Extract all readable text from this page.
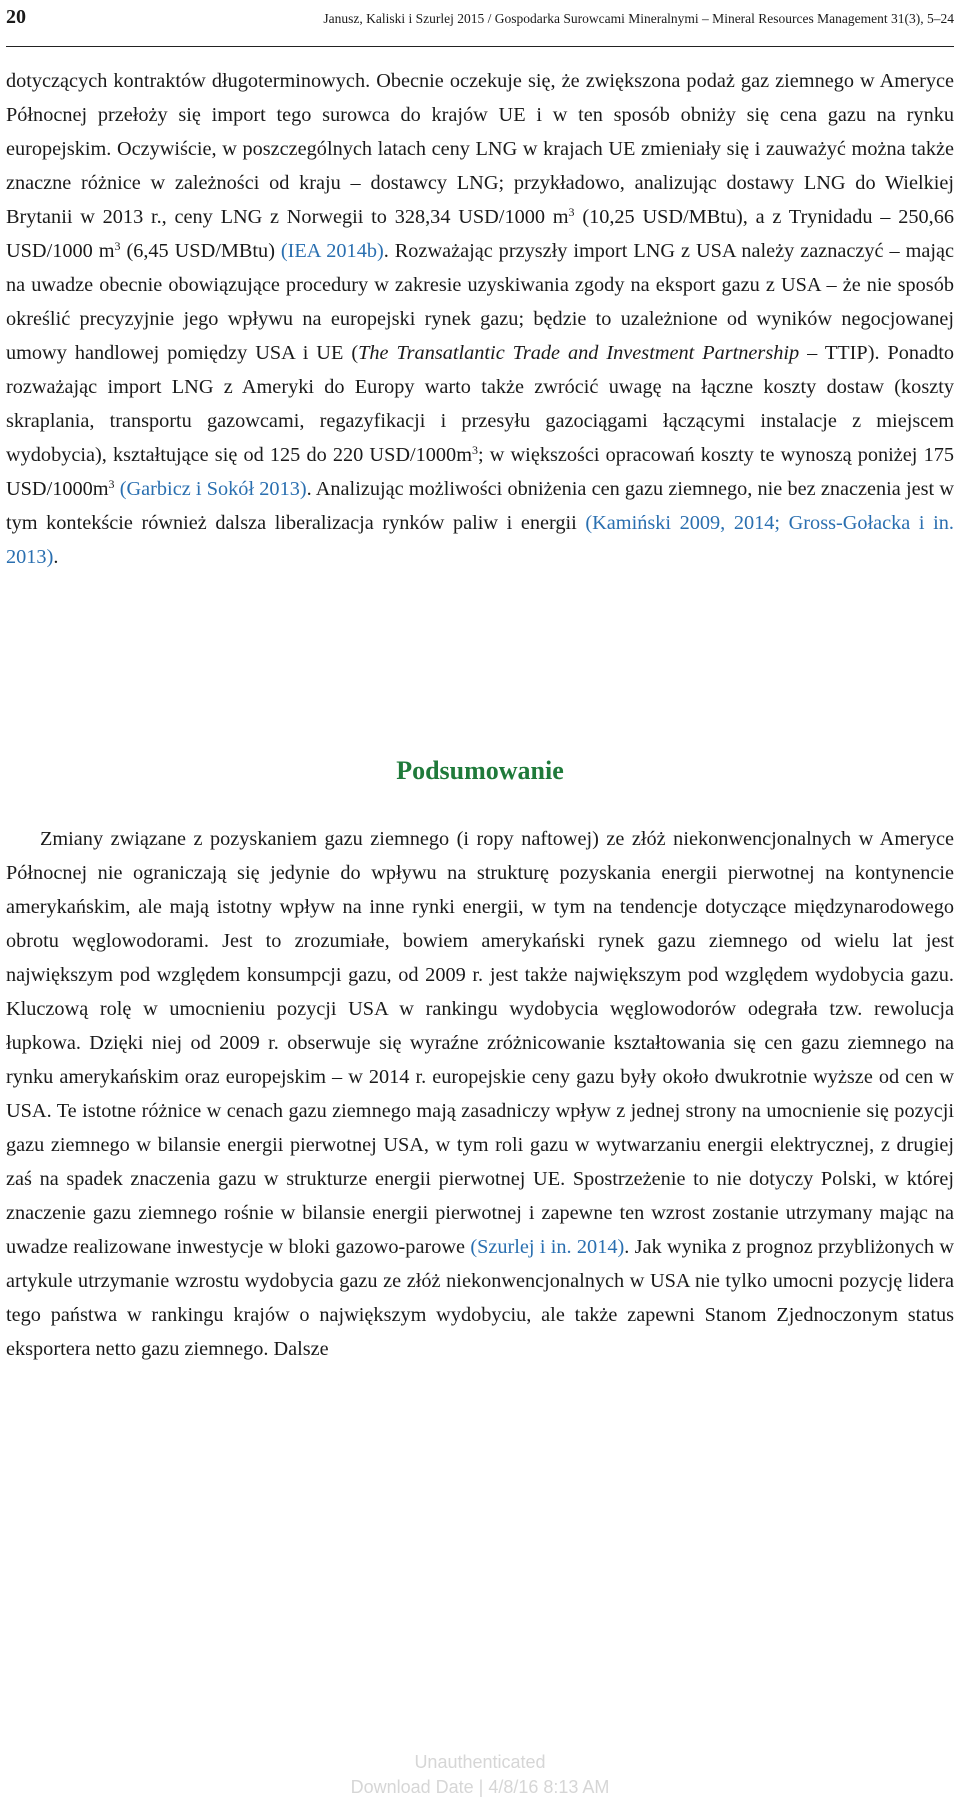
20	Janusz, Kaliski i Szurlej 2015 / Gospodarka Surowcami Mineralnymi – Mineral Resources Management 31(3), 5–24
dotyczących kontraktów długoterminowych. Obecnie oczekuje się, że zwiększona podaż gaz ziemnego w Ameryce Północnej przełoży się import tego surowca do krajów UE i w ten sposób obniży się cena gazu na rynku europejskim. Oczywiście, w poszczególnych latach ceny LNG w krajach UE zmieniały się i zauważyć można także znaczne różnice w zależności od kraju – dostawcy LNG; przykładowo, analizując dostawy LNG do Wielkiej Brytanii w 2013 r., ceny LNG z Norwegii to 328,34 USD/1000 $m^3$ (10,25 USD/MBtu), a z Trynidadu – 250,66 USD/1000 $m^3$ (6,45 USD/MBtu) (IEA 2014b). Rozważając przyszły import LNG z USA należy zaznaczyć – mając na uwadze obecnie obowiązujące procedury w zakresie uzyskiwania zgody na eksport gazu z USA – że nie sposób określić precyzyjnie jego wpływu na europejski rynek gazu; będzie to uzależnione od wyników negocjowanej umowy handlowej pomiędzy USA i UE (The Transatlantic Trade and Investment Partnership – TTIP). Ponadto rozważając import LNG z Ameryki do Europy warto także zwrócić uwagę na łączne koszty dostaw (koszty skraplania, transportu gazowcami, regazyfikacji i przesyłu gazociągami łączącymi instalacje z miejscem wydobycia), kształtujące się od 125 do 220 USD/$1000m^3$; w większości opracowań koszty te wynoszą poniżej 175 USD/$1000m^3$ (Garbicz i Sokół 2013). Analizując możliwości obniżenia cen gazu ziemnego, nie bez znaczenia jest w tym kontekście również dalsza liberalizacja rynków paliw i energii (Kamiński 2009, 2014; Gross-Gołacka i in. 2013).
Podsumowanie
Zmiany związane z pozyskaniem gazu ziemnego (i ropy naftowej) ze złóż niekonwencjonalnych w Ameryce Północnej nie ograniczają się jedynie do wpływu na strukturę pozyskania energii pierwotnej na kontynencie amerykańskim, ale mają istotny wpływ na inne rynki energii, w tym na tendencje dotyczące międzynarodowego obrotu węglowodorami. Jest to zrozumiałe, bowiem amerykański rynek gazu ziemnego od wielu lat jest największym pod względem konsumpcji gazu, od 2009 r. jest także największym pod względem wydobycia gazu. Kluczową rolę w umocnieniu pozycji USA w rankingu wydobycia węglowodorów odegrała tzw. rewolucja łupkowa. Dzięki niej od 2009 r. obserwuje się wyraźne zróżnicowanie kształtowania się cen gazu ziemnego na rynku amerykańskim oraz europejskim – w 2014 r. europejskie ceny gazu były około dwukrotnie wyższe od cen w USA. Te istotne różnice w cenach gazu ziemnego mają zasadniczy wpływ z jednej strony na umocnienie się pozycji gazu ziemnego w bilansie energii pierwotnej USA, w tym roli gazu w wytwarzaniu energii elektrycznej, z drugiej zaś na spadek znaczenia gazu w strukturze energii pierwotnej UE. Spostrzeżenie to nie dotyczy Polski, w której znaczenie gazu ziemnego rośnie w bilansie energii pierwotnej i zapewne ten wzrost zostanie utrzymany mając na uwadze realizowane inwestycje w bloki gazowo-parowe (Szurlej i in. 2014). Jak wynika z prognoz przybliżonych w artykule utrzymanie wzrostu wydobycia gazu ze złóż niekonwencjonalnych w USA nie tylko umocni pozycję lidera tego państwa w rankingu krajów o największym wydobyciu, ale także zapewni Stanom Zjednoczonym status eksportera netto gazu ziemnego. Dalsze
Unauthenticated
Download Date | 4/8/16 8:13 AM
